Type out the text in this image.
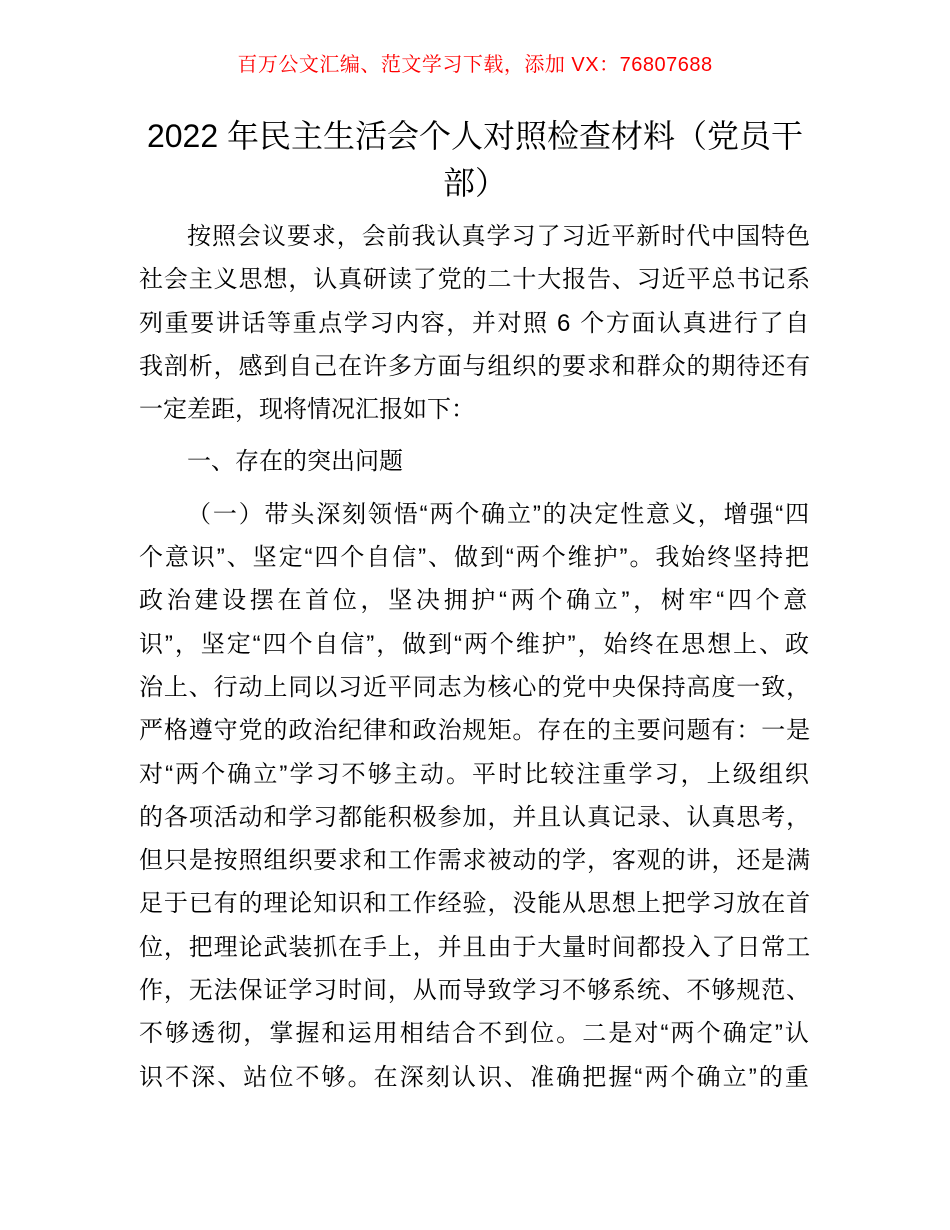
百万公文汇编、范文学习下载，添加 VX：76807688
2022 年民主生活会个人对照检查材料（党员干
部）
按照会议要求，会前我认真学习了习近平新时代中国特色
社会主义思想，认真研读了党的二十大报告、习近平总书记系
列重要讲话等重点学习内容，并对照 6 个方面认真进行了自
我剖析，感到自己在许多方面与组织的要求和群众的期待还有
一定差距，现将情况汇报如下：
一、存在的突出问题
（一）带头深刻领悟“两个确立”的决定性意义，增强“四
个意识”、坚定“四个自信”、做到“两个维护”。我始终坚持把
政治建设摆在首位，坚决拥护“两个确立”，树牢“四个意
识”，坚定“四个自信”，做到“两个维护”，始终在思想上、政
治上、行动上同以习近平同志为核心的党中央保持高度一致，
严格遵守党的政治纪律和政治规矩。存在的主要问题有：一是
对“两个确立”学习不够主动。平时比较注重学习，上级组织
的各项活动和学习都能积极参加，并且认真记录、认真思考，
但只是按照组织要求和工作需求被动的学，客观的讲，还是满
足于已有的理论知识和工作经验，没能从思想上把学习放在首
位，把理论武装抓在手上，并且由于大量时间都投入了日常工
作，无法保证学习时间，从而导致学习不够系统、不够规范、
不够透彻，掌握和运用相结合不到位。二是对“两个确定”认
识不深、站位不够。在深刻认识、准确把握“两个确立”的重
